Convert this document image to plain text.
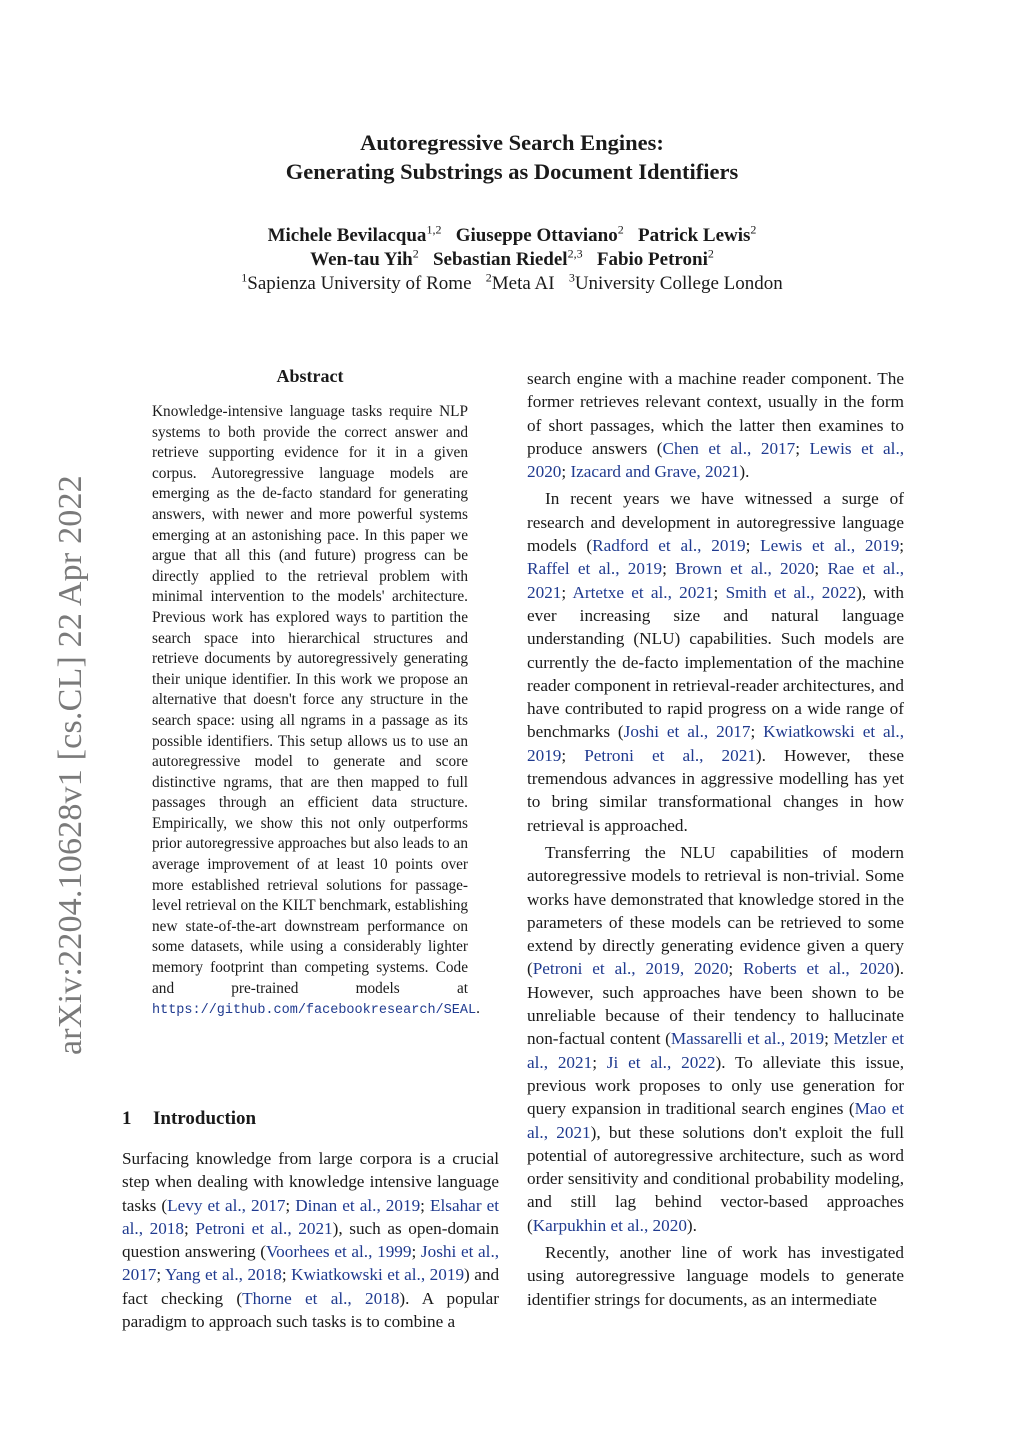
Autoregressive Search Engines:
Generating Substrings as Document Identifiers
Michele Bevilacqua$^{1,2}$ Giuseppe Ottaviano$^2$ Patrick Lewis$^2$
Wen-tau Yih$^2$ Sebastian Riedel$^{2,3}$ Fabio Petroni$^2$
$^1$Sapienza University of Rome $^2$Meta AI $^3$University College London
arXiv:2204.10628v1 [cs.CL] 22 Apr 2022
Abstract
Knowledge-intensive language tasks require NLP systems to both provide the correct answer and retrieve supporting evidence for it in a given corpus. Autoregressive language models are emerging as the de-facto standard for generating answers, with newer and more powerful systems emerging at an astonishing pace. In this paper we argue that all this (and future) progress can be directly applied to the retrieval problem with minimal intervention to the models' architecture. Previous work has explored ways to partition the search space into hierarchical structures and retrieve documents by autoregressively generating their unique identifier. In this work we propose an alternative that doesn't force any structure in the search space: using all ngrams in a passage as its possible identifiers. This setup allows us to use an autoregressive model to generate and score distinctive ngrams, that are then mapped to full passages through an efficient data structure. Empirically, we show this not only outperforms prior autoregressive approaches but also leads to an average improvement of at least 10 points over more established retrieval solutions for passage-level retrieval on the KILT benchmark, establishing new state-of-the-art downstream performance on some datasets, while using a considerably lighter memory footprint than competing systems. Code and pre-trained models at https://github.com/facebookresearch/SEAL.
1 Introduction

Surfacing knowledge from large corpora is a crucial step when dealing with knowledge intensive language tasks (Levy et al., 2017; Dinan et al., 2019; Elsahar et al., 2018; Petroni et al., 2021), such as open-domain question answering (Voorhees et al., 1999; Joshi et al., 2017; Yang et al., 2018; Kwiatkowski et al., 2019) and fact checking (Thorne et al., 2018). A popular paradigm to approach such tasks is to combine a

search engine with a machine reader component. The former retrieves relevant context, usually in the form of short passages, which the latter then examines to produce answers (Chen et al., 2017; Lewis et al., 2020; Izacard and Grave, 2021).

In recent years we have witnessed a surge of research and development in autoregressive language models (Radford et al., 2019; Lewis et al., 2019; Raffel et al., 2019; Brown et al., 2020; Rae et al., 2021; Artetxe et al., 2021; Smith et al., 2022), with ever increasing size and natural language understanding (NLU) capabilities. Such models are currently the de-facto implementation of the machine reader component in retrieval-reader architectures, and have contributed to rapid progress on a wide range of benchmarks (Joshi et al., 2017; Kwiatkowski et al., 2019; Petroni et al., 2021). However, these tremendous advances in aggressive modelling has yet to bring similar transformational changes in how retrieval is approached.

Transferring the NLU capabilities of modern autoregressive models to retrieval is non-trivial. Some works have demonstrated that knowledge stored in the parameters of these models can be retrieved to some extend by directly generating evidence given a query (Petroni et al., 2019, 2020; Roberts et al., 2020). However, such approaches have been shown to be unreliable because of their tendency to hallucinate non-factual content (Massarelli et al., 2019; Metzler et al., 2021; Ji et al., 2022). To alleviate this issue, previous work proposes to only use generation for query expansion in traditional search engines (Mao et al., 2021), but these solutions don't exploit the full potential of autoregressive architecture, such as word order sensitivity and conditional probability modeling, and still lag behind vector-based approaches (Karpukhin et al., 2020).

Recently, another line of work has investigated using autoregressive language models to generate identifier strings for documents, as an intermediate
